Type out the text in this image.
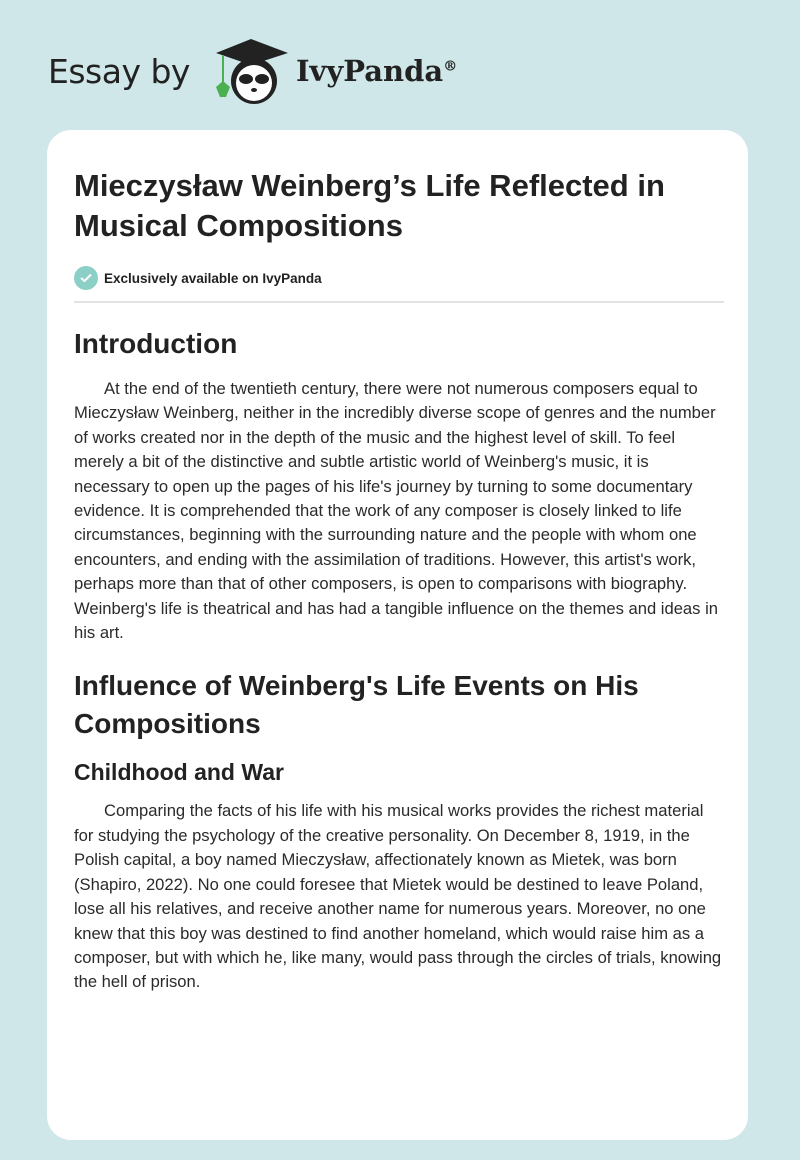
Essay by	IvyPanda®
Mieczysław Weinberg’s Life Reflected in Musical Compositions
Exclusively available on IvyPanda
Introduction

At the end of the twentieth century, there were not numerous composers equal to Mieczysław Weinberg, neither in the incredibly diverse scope of genres and the number of works created nor in the depth of the music and the highest level of skill. To feel merely a bit of the distinctive and subtle artistic world of Weinberg's music, it is necessary to open up the pages of his life's journey by turning to some documentary evidence. It is comprehended that the work of any composer is closely linked to life circumstances, beginning with the surrounding nature and the people with whom one encounters, and ending with the assimilation of traditions. However, this artist's work, perhaps more than that of other composers, is open to comparisons with biography. Weinberg's life is theatrical and has had a tangible influence on the themes and ideas in his art.

Influence of Weinberg's Life Events on His Compositions
Childhood and War

Comparing the facts of his life with his musical works provides the richest material for studying the psychology of the creative personality. On December 8, 1919, in the Polish capital, a boy named Mieczysław, affectionately known as Mietek, was born (Shapiro, 2022). No one could foresee that Mietek would be destined to leave Poland, lose all his relatives, and receive another name for numerous years. Moreover, no one knew that this boy was destined to find another homeland, which would raise him as a composer, but with which he, like many, would pass through the circles of trials, knowing the hell of prison.
